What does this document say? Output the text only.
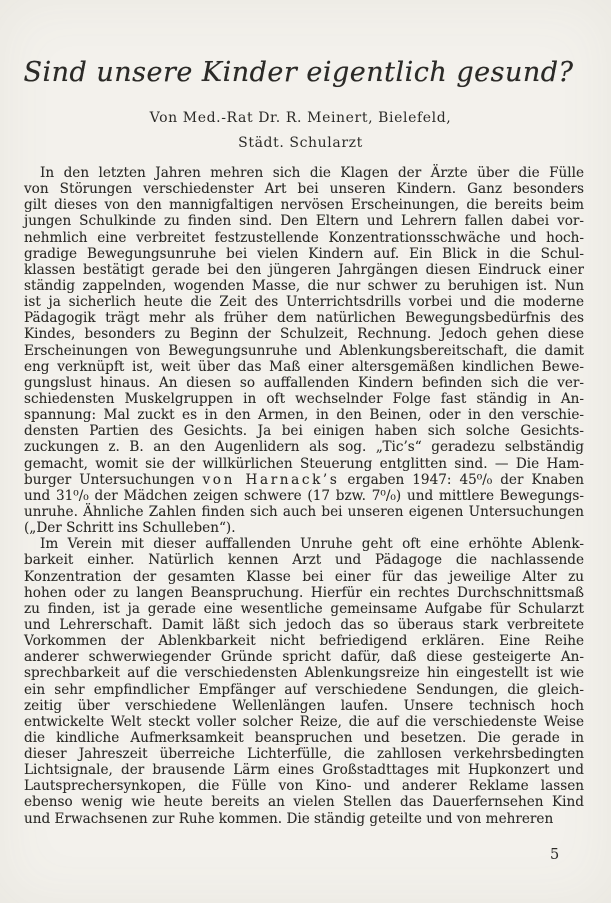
Sind unsere Kinder eigentlich gesund?
Von Med.-Rat Dr. R. Meinert, Bielefeld,
Städt. Schularzt
In den letzten Jahren mehren sich die Klagen der Ärzte über die Fülle
von Störungen verschiedenster Art bei unseren Kindern. Ganz besonders
gilt dieses von den mannigfaltigen nervösen Erscheinungen, die bereits beim
jungen Schulkinde zu finden sind. Den Eltern und Lehrern fallen dabei vor-
nehmlich eine verbreitet festzustellende Konzentrationsschwäche und hoch-
gradige Bewegungsunruhe bei vielen Kindern auf. Ein Blick in die Schul-
klassen bestätigt gerade bei den jüngeren Jahrgängen diesen Eindruck einer
ständig zappelnden, wogenden Masse, die nur schwer zu beruhigen ist. Nun
ist ja sicherlich heute die Zeit des Unterrichtsdrills vorbei und die moderne
Pädagogik trägt mehr als früher dem natürlichen Bewegungsbedürfnis des
Kindes, besonders zu Beginn der Schulzeit, Rechnung. Jedoch gehen diese
Erscheinungen von Bewegungsunruhe und Ablenkungsbereitschaft, die damit
eng verknüpft ist, weit über das Maß einer altersgemäßen kindlichen Bewe-
gungslust hinaus. An diesen so auffallenden Kindern befinden sich die ver-
schiedensten Muskelgruppen in oft wechselnder Folge fast ständig in An-
spannung: Mal zuckt es in den Armen, in den Beinen, oder in den verschie-
densten Partien des Gesichts. Ja bei einigen haben sich solche Gesichts-
zuckungen z. B. an den Augenlidern als sog. „Tic’s“ geradezu selbständig
gemacht, womit sie der willkürlichen Steuerung entglitten sind. — Die Ham-
burger Untersuchungen von Harnack’s ergaben 1947: 45⁰/₀ der Knaben
und 31⁰/₀ der Mädchen zeigen schwere (17 bzw. 7⁰/₀) und mittlere Bewegungs-
unruhe. Ähnliche Zahlen finden sich auch bei unseren eigenen Untersuchungen
(„Der Schritt ins Schulleben“).
Im Verein mit dieser auffallenden Unruhe geht oft eine erhöhte Ablenk-
barkeit einher. Natürlich kennen Arzt und Pädagoge die nachlassende
Konzentration der gesamten Klasse bei einer für das jeweilige Alter zu
hohen oder zu langen Beanspruchung. Hierfür ein rechtes Durchschnittsmaß
zu finden, ist ja gerade eine wesentliche gemeinsame Aufgabe für Schularzt
und Lehrerschaft. Damit läßt sich jedoch das so überaus stark verbreitete
Vorkommen der Ablenkbarkeit nicht befriedigend erklären. Eine Reihe
anderer schwerwiegender Gründe spricht dafür, daß diese gesteigerte An-
sprechbarkeit auf die verschiedensten Ablenkungsreize hin eingestellt ist wie
ein sehr empfindlicher Empfänger auf verschiedene Sendungen, die gleich-
zeitig über verschiedene Wellenlängen laufen. Unsere technisch hoch
entwickelte Welt steckt voller solcher Reize, die auf die verschiedenste Weise
die kindliche Aufmerksamkeit beanspruchen und besetzen. Die gerade in
dieser Jahreszeit überreiche Lichterfülle, die zahllosen verkehrsbedingten
Lichtsignale, der brausende Lärm eines Großstadttages mit Hupkonzert und
Lautsprechersynkopen, die Fülle von Kino- und anderer Reklame lassen
ebenso wenig wie heute bereits an vielen Stellen das Dauerfernsehen Kind
und Erwachsenen zur Ruhe kommen. Die ständig geteilte und von mehreren
5
